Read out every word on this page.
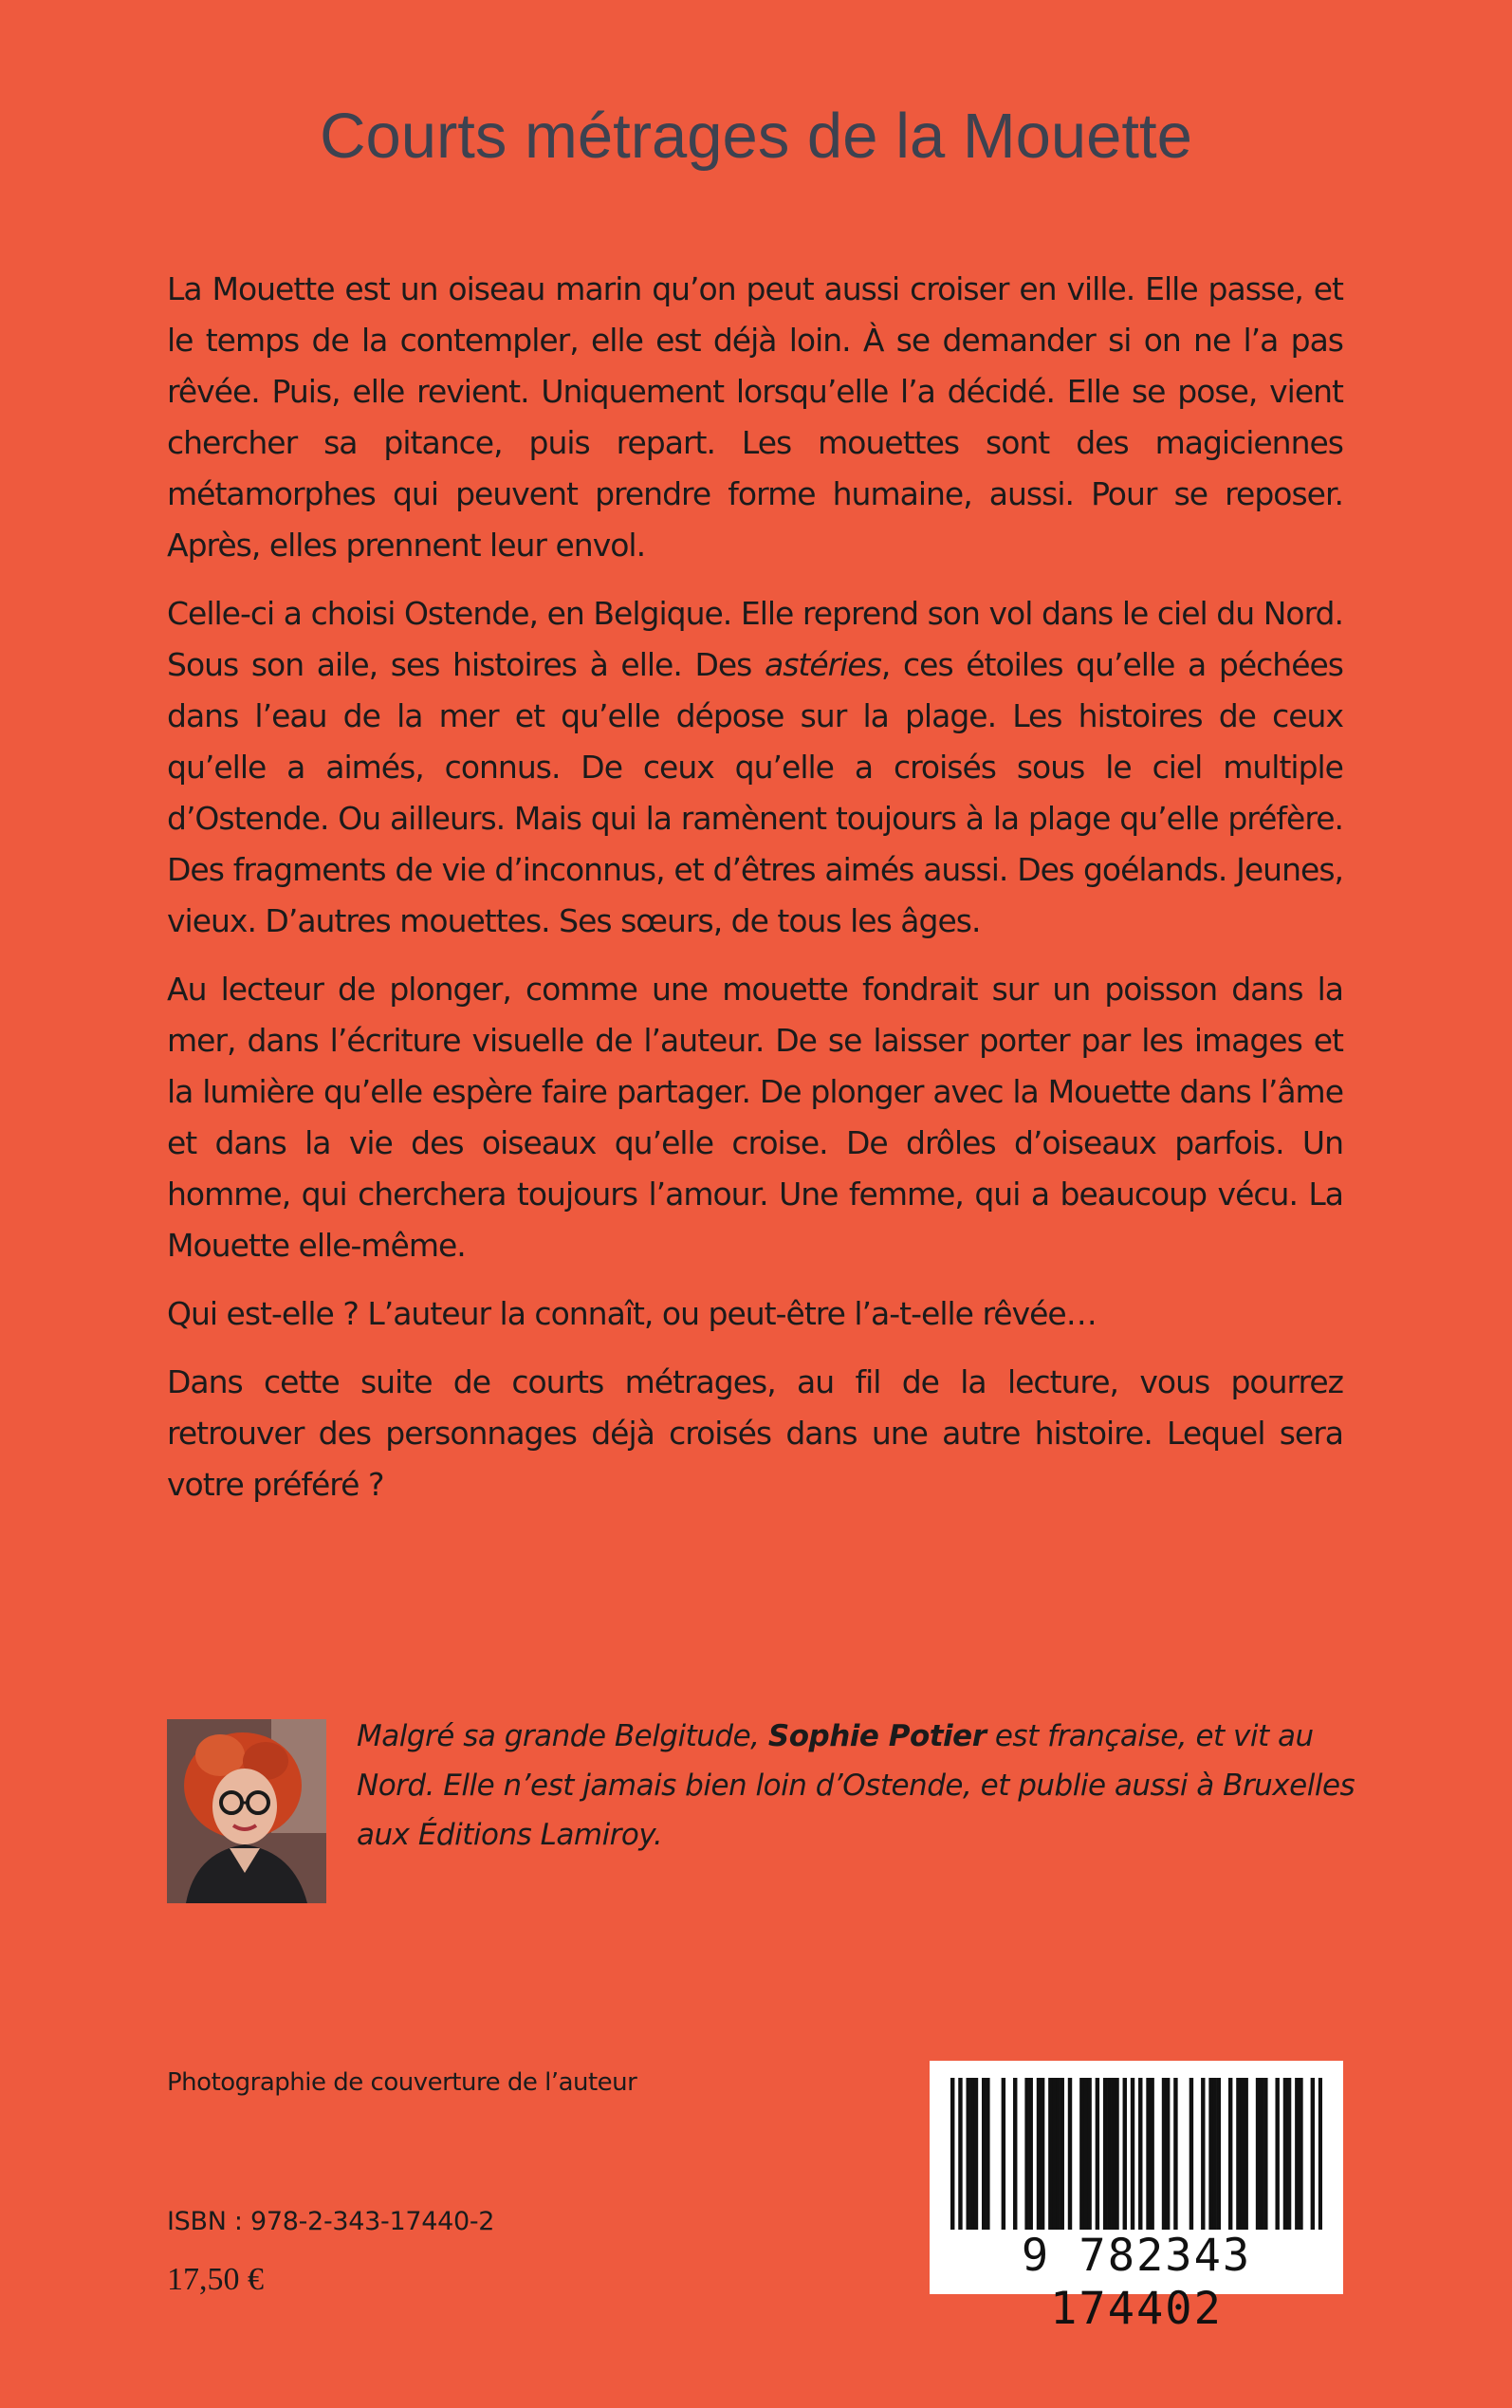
Courts métrages de la Mouette

La Mouette est un oiseau marin qu’on peut aussi croiser en ville. Elle passe, et le temps de la contempler, elle est déjà loin. À se demander si on ne l’a pas rêvée. Puis, elle revient. Uniquement lorsqu’elle l’a décidé. Elle se pose, vient chercher sa pitance, puis repart. Les mouettes sont des magiciennes métamorphes qui peuvent prendre forme humaine, aussi. Pour se reposer. Après, elles prennent leur envol.

Celle-ci a choisi Ostende, en Belgique. Elle reprend son vol dans le ciel du Nord. Sous son aile, ses histoires à elle. Des astéries, ces étoiles qu’elle a péchées dans l’eau de la mer et qu’elle dépose sur la plage. Les histoires de ceux qu’elle a aimés, connus. De ceux qu’elle a croisés sous le ciel multiple d’Ostende. Ou ailleurs. Mais qui la ramènent toujours à la plage qu’elle préfère. Des fragments de vie d’inconnus, et d’êtres aimés aussi. Des goélands. Jeunes, vieux. D’autres mouettes. Ses sœurs, de tous les âges.

Au lecteur de plonger, comme une mouette fondrait sur un poisson dans la mer, dans l’écriture visuelle de l’auteur. De se laisser porter par les images et la lumière qu’elle espère faire partager. De plonger avec la Mouette dans l’âme et dans la vie des oiseaux qu’elle croise. De drôles d’oiseaux parfois. Un homme, qui cherchera toujours l’amour. Une femme, qui a beaucoup vécu. La Mouette elle-même.

Qui est-elle ? L’auteur la connaît, ou peut-être l’a-t-elle rêvée…

Dans cette suite de courts métrages, au fil de la lecture, vous pourrez retrouver des personnages déjà croisés dans une autre histoire. Lequel sera votre préféré ?

Malgré sa grande Belgitude, Sophie Potier est française, et vit au Nord. Elle n’est jamais bien loin d’Ostende, et publie aussi à Bruxelles aux Éditions Lamiroy.
Photographie de couverture de l’auteur
ISBN : 978-2-343-17440-2
17,50 €	9 782343 174402
